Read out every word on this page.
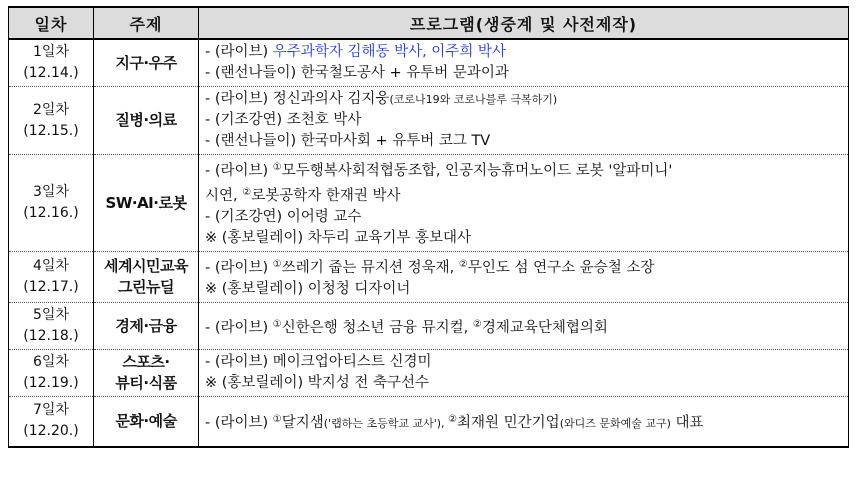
일차	주제	프로그램(생중계 및 사전제작)

1일차
(12.14.)	지구·우주	- (라이브) 우주과학자 김해동 박사, 이주희 박사
- (랜선나들이) 한국철도공사 + 유투버 문과이과

2일차
(12.15.)	질병·의료	- (라이브) 정신과의사 김지웅(코로나19와 코로나블루 극복하기)
- (기조강연) 조천호 박사
- (랜선나들이) 한국마사회 + 유투버 코그 TV

3일차
(12.16.)	SW·AI·로봇	- (라이브) ①모두행복사회적협동조합, 인공지능휴머노이드 로봇 '알파미니'
시연, ②로봇공학자 한재권 박사
- (기조강연) 이어령 교수
※ (홍보릴레이) 차두리 교육기부 홍보대사

4일차
(12.17.)	세계시민교육
그린뉴딜	- (라이브) ①쓰레기 줍는 뮤지션 정욱재, ②무인도 섬 연구소 윤승철 소장
※ (홍보릴레이) 이청청 디자이너

5일차
(12.18.)	경제·금융	- (라이브) ①신한은행 청소년 금융 뮤지컬, ②경제교육단체협의회

6일차
(12.19.)	스포츠·
뷰티·식품	- (라이브) 메이크업아티스트 신경미
※ (홍보릴레이) 박지성 전 축구선수

7일차
(12.20.)	문화·예술	- (라이브) ①달지샘('랩하는 초등학교 교사'), ②최재원 민간기업(와디즈 문화예술 교구) 대표
